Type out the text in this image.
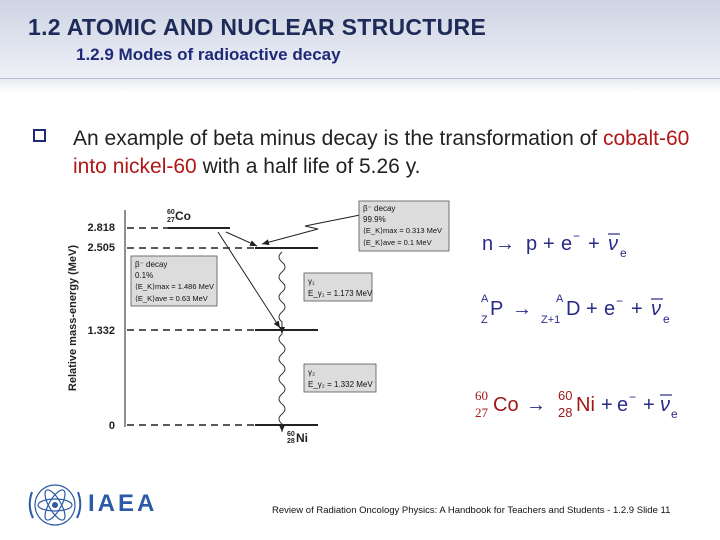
1.2 ATOMIC AND NUCLEAR STRUCTURE
1.2.9 Modes of radioactive decay
An example of beta minus decay is the transformation of cobalt-60 into nickel-60 with a half life of 5.26 y.
Relative mass-energy (MeV)
2.818
2.505
1.332
0
60
27 Co
60
28 Ni
β⁻ decay
99.9%
⟨E_K⟩max = 0.313 MeV
⟨E_K⟩ave = 0.1 MeV
β⁻ decay
0.1%
⟨E_K⟩max = 1.486 MeV
⟨E_K⟩ave = 0.63 MeV
γ₁
E_γ₁ = 1.173 MeV
γ₂
E_γ₂ = 1.332 MeV
n → p + e − + ν e
A
Z P → A
Z+1 D + e − + ν e
60
27 Co → 60
28 Ni + e − + ν e
IAEA	Review of Radiation Oncology Physics: A Handbook for Teachers and Students - 1.2.9 Slide 11
